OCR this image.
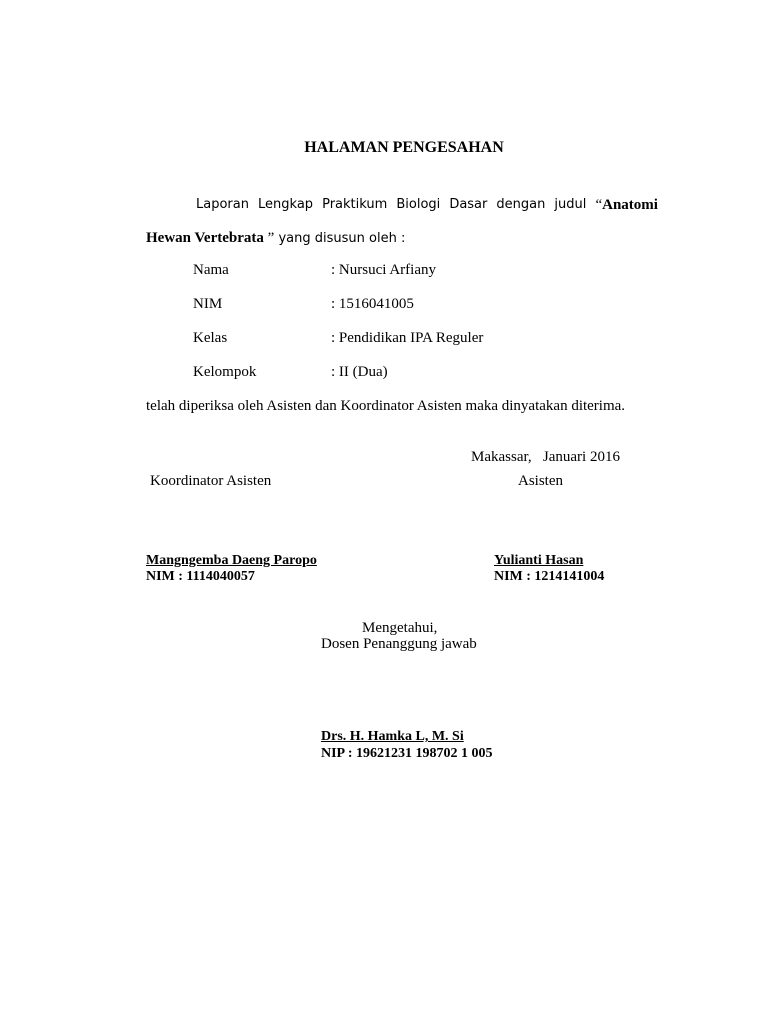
HALAMAN PENGESAHAN
Laporan Lengkap Praktikum Biologi Dasar dengan judul “Anatomi
Hewan Vertebrata ” yang disusun oleh :
Nama	: Nursuci Arfiany
NIM	: 1516041005
Kelas	: Pendidikan IPA Reguler
Kelompok	: II (Dua)
telah diperiksa oleh Asisten dan Koordinator Asisten maka dinyatakan diterima.
Makassar,   Januari 2016
Koordinator Asisten	Asisten
Mangngemba Daeng Paropo
NIM : 1114040057
Yulianti Hasan
NIM : 1214141004
Mengetahui,
Dosen Penanggung jawab
Drs. H. Hamka L, M. Si
NIP : 19621231 198702 1 005
